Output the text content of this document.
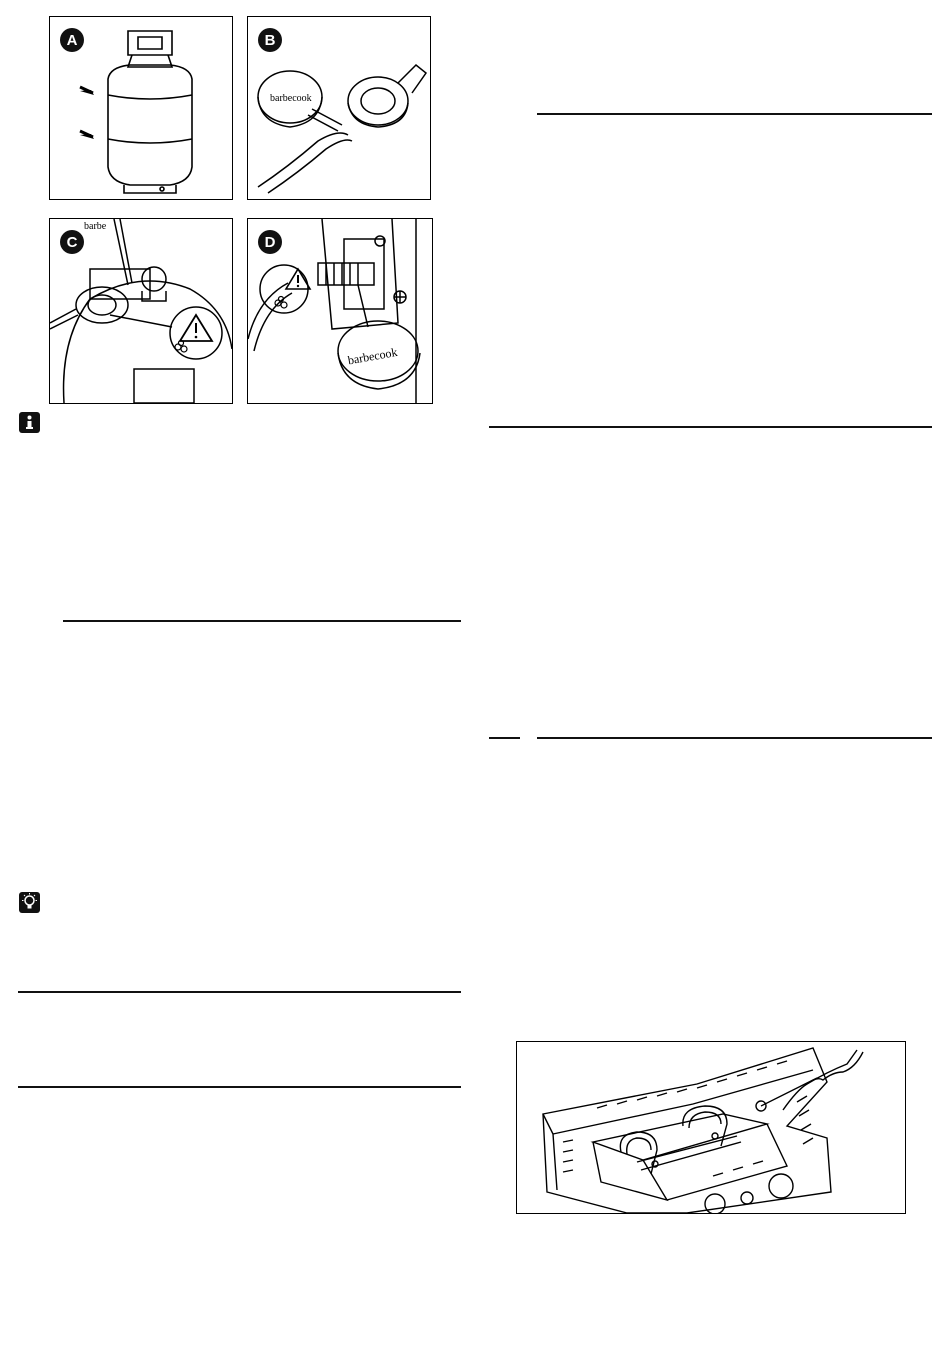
A	B
barbecook
C
barbe
D
barbecook
